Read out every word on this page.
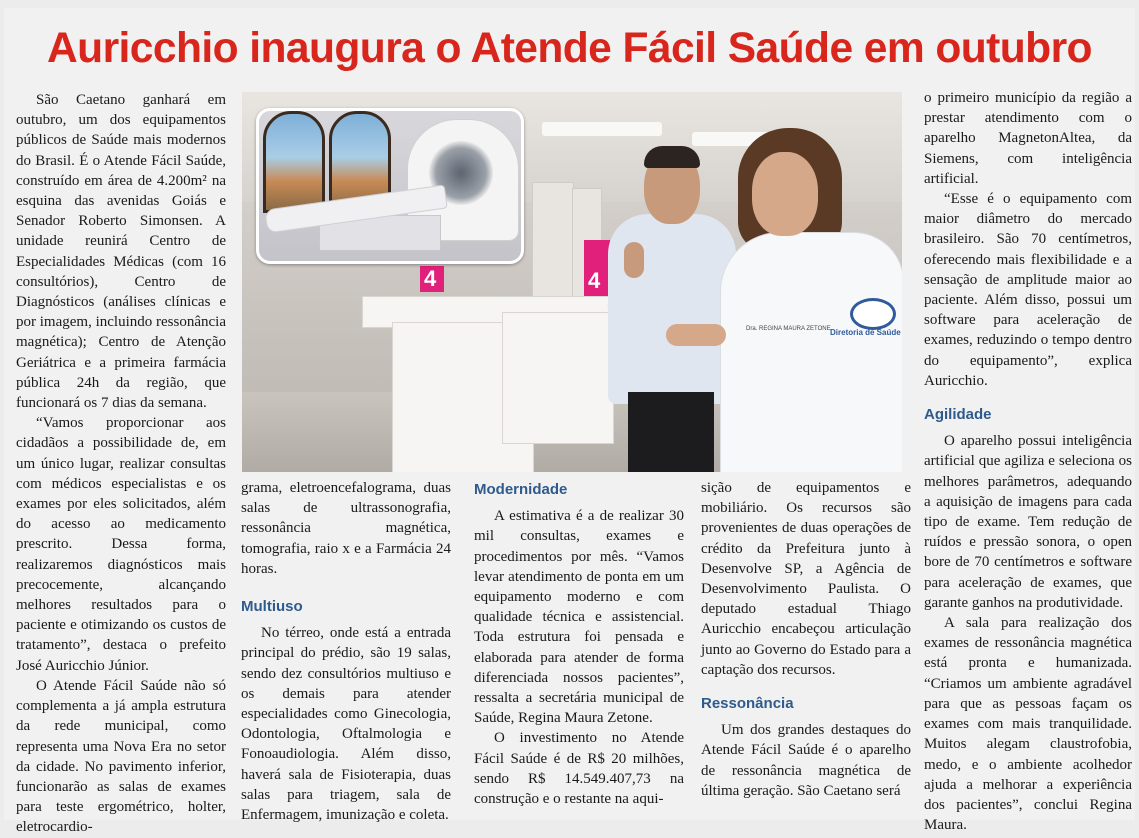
Auricchio inaugura o Atende Fácil Saúde em outubro

São Caetano ganhará em outubro, um dos equipamentos públicos de Saúde mais modernos do Brasil. É o Atende Fácil Saúde, construído em área de 4.200m² na esquina das avenidas Goiás e Senador Roberto Simonsen. A unidade reunirá Centro de Especialidades Médicas (com 16 consultórios), Centro de Diagnósticos (análises clínicas e por imagem, incluindo ressonância magnética); Centro de Atenção Geriátrica e a primeira farmácia pública 24h da região, que funcionará os 7 dias da semana.

“Vamos proporcionar aos cidadãos a possibilidade de, em um único lugar, realizar consultas com médicos especialistas e os exames por eles solicitados, além do acesso ao medicamento prescrito. Dessa forma, realizaremos diagnósticos mais precocemente, alcançando melhores resultados para o paciente e otimizando os custos de tratamento”, destaca o prefeito José Auricchio Júnior.

O Atende Fácil Saúde não só complementa a já ampla estrutura da rede municipal, como representa uma Nova Era no setor da cidade. No pavimento inferior, funcionarão as salas de exames para teste ergométrico, holter, eletrocardio-

4	4
Diretoria de Saúde
Dra. REGINA MAURA ZETONE

grama, eletroencefalograma, duas salas de ultrassonografia, ressonância magnética, tomografia, raio x e a Farmácia 24 horas.

Multiuso

No térreo, onde está a entrada principal do prédio, são 19 salas, sendo dez consultórios multiuso e os demais para atender especialidades como Ginecologia, Odontologia, Oftalmologia e Fonoaudiologia. Além disso, haverá sala de Fisioterapia, duas salas para triagem, sala de Enfermagem, imunização e coleta.

Modernidade

A estimativa é a de realizar 30 mil consultas, exames e procedimentos por mês. “Vamos levar atendimento de ponta em um equipamento moderno e com qualidade técnica e assistencial. Toda estrutura foi pensada e elaborada para atender de forma diferenciada nossos pacientes”, ressalta a secretária municipal de Saúde, Regina Maura Zetone.

O investimento no Atende Fácil Saúde é de R$ 20 milhões, sendo R$ 14.549.407,73 na construção e o restante na aqui-

sição de equipamentos e mobiliário. Os recursos são provenientes de duas operações de crédito da Prefeitura junto à Desenvolve SP, a Agência de Desenvolvimento Paulista. O deputado estadual Thiago Auricchio encabeçou articulação junto ao Governo do Estado para a captação dos recursos.

Ressonância

Um dos grandes destaques do Atende Fácil Saúde é o aparelho de ressonância magnética de última geração. São Caetano será

o primeiro município da região a prestar atendimento com o aparelho MagnetonAltea, da Siemens, com inteligência artificial.

“Esse é o equipamento com maior diâmetro do mercado brasileiro. São 70 centímetros, oferecendo mais flexibilidade e a sensação de amplitude maior ao paciente. Além disso, possui um software para aceleração de exames, reduzindo o tempo dentro do equipamento”, explica Auricchio.

Agilidade

O aparelho possui inteligência artificial que agiliza e seleciona os melhores parâmetros, adequando a aquisição de imagens para cada tipo de exame. Tem redução de ruídos e pressão sonora, o open bore de 70 centímetros e software para aceleração de exames, que garante ganhos na produtividade.

A sala para realização dos exames de ressonância magnética está pronta e humanizada. “Criamos um ambiente agradável para que as pessoas façam os exames com mais tranquilidade. Muitos alegam claustrofobia, medo, e o ambiente acolhedor ajuda a melhorar a experiência dos pacientes”, conclui Regina Maura.
